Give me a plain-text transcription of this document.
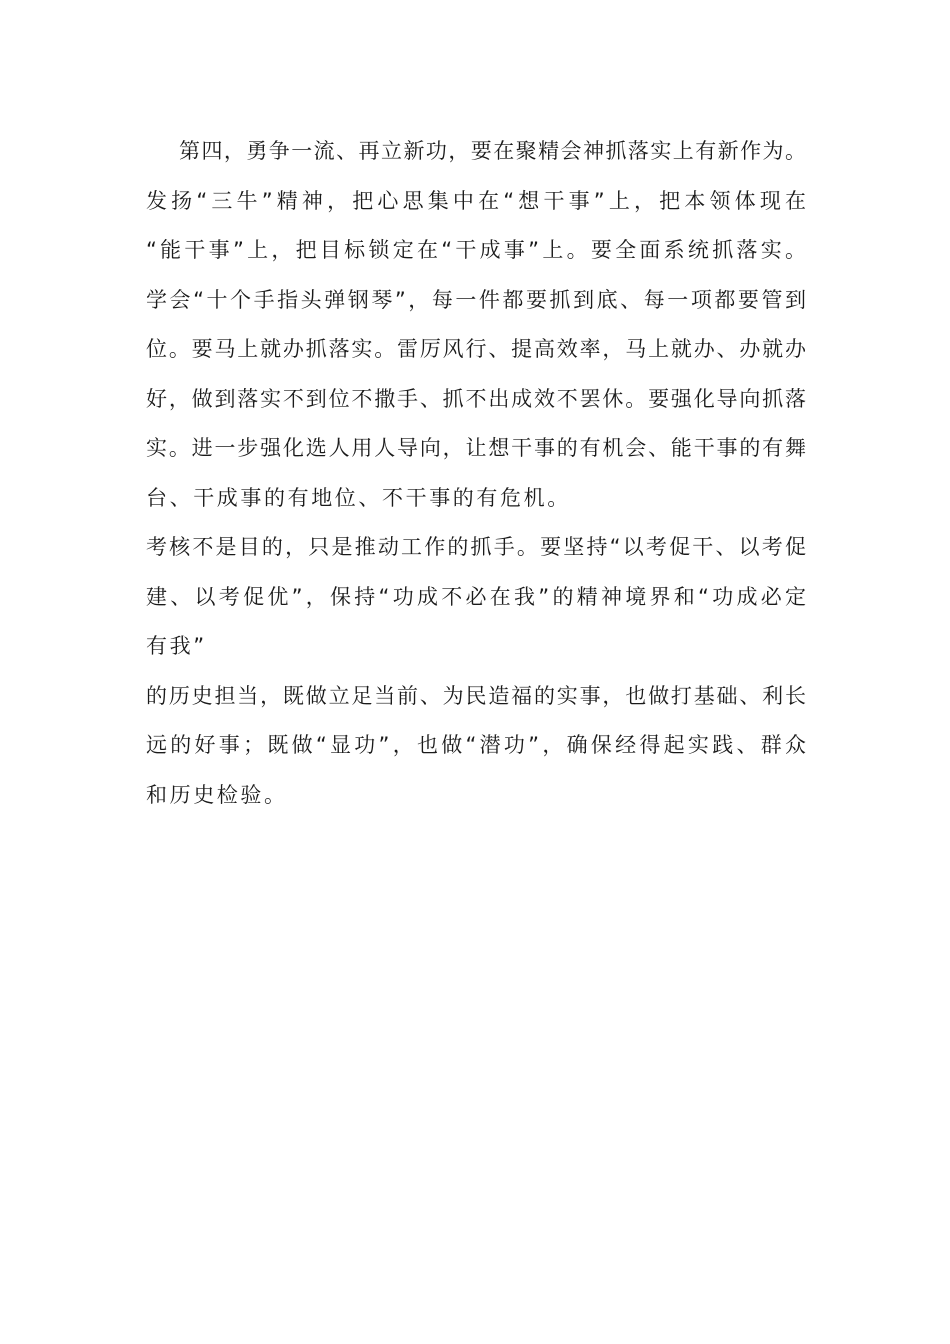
第四，勇争一流、再立新功，要在聚精会神抓落实上有新作为。
发扬“三牛”精神，把心思集中在“想干事”上，把本领体现在
“能干事”上，把目标锁定在“干成事”上。要全面系统抓落实。
学会“十个手指头弹钢琴”，每一件都要抓到底、每一项都要管到
位。要马上就办抓落实。雷厉风行、提高效率，马上就办、办就办
好，做到落实不到位不撒手、抓不出成效不罢休。要强化导向抓落
实。进一步强化选人用人导向，让想干事的有机会、能干事的有舞
台、干成事的有地位、不干事的有危机。
考核不是目的，只是推动工作的抓手。要坚持“以考促干、以考促
建、以考促优”，保持“功成不必在我”的精神境界和“功成必定
有我”
的历史担当，既做立足当前、为民造福的实事，也做打基础、利长
远的好事；既做“显功”，也做“潜功”，确保经得起实践、群众
和历史检验。
